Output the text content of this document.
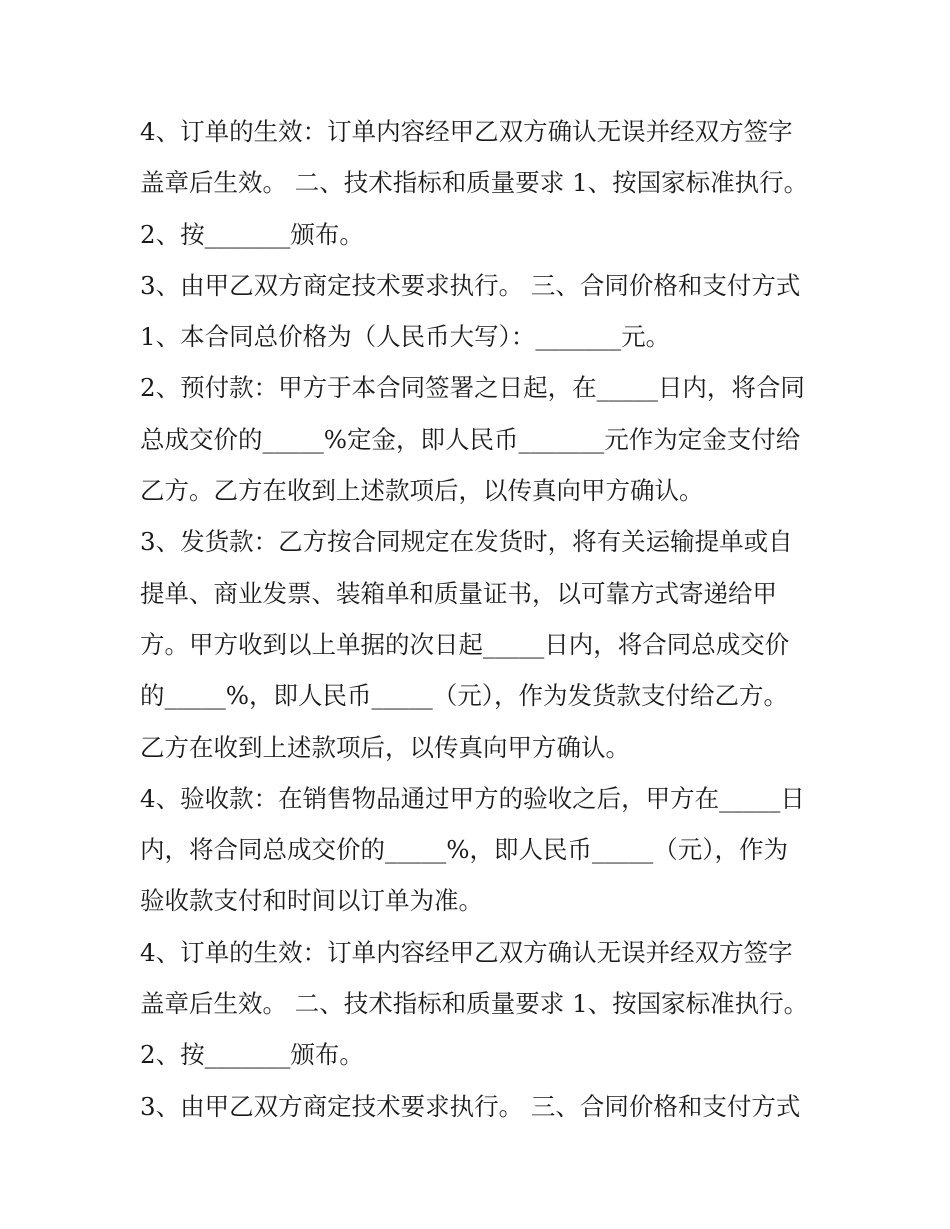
4、订单的生效：订单内容经甲乙双方确认无误并经双方签字
盖章后生效。 二、技术指标和质量要求 1、按国家标准执行。
2、按_______颁布。
3、由甲乙双方商定技术要求执行。 三、合同价格和支付方式
1、本合同总价格为（人民币大写）：_______元。
2、预付款：甲方于本合同签署之日起，在_____日内，将合同
总成交价的_____%定金，即人民币_______元作为定金支付给
乙方。乙方在收到上述款项后，以传真向甲方确认。
3、发货款：乙方按合同规定在发货时，将有关运输提单或自
提单、商业发票、装箱单和质量证书，以可靠方式寄递给甲
方。甲方收到以上单据的次日起_____日内，将合同总成交价
的_____%，即人民币_____（元），作为发货款支付给乙方。
乙方在收到上述款项后，以传真向甲方确认。
4、验收款：在销售物品通过甲方的验收之后，甲方在_____日
内，将合同总成交价的_____%，即人民币_____（元），作为
验收款支付和时间以订单为准。
4、订单的生效：订单内容经甲乙双方确认无误并经双方签字
盖章后生效。 二、技术指标和质量要求 1、按国家标准执行。
2、按_______颁布。
3、由甲乙双方商定技术要求执行。 三、合同价格和支付方式
